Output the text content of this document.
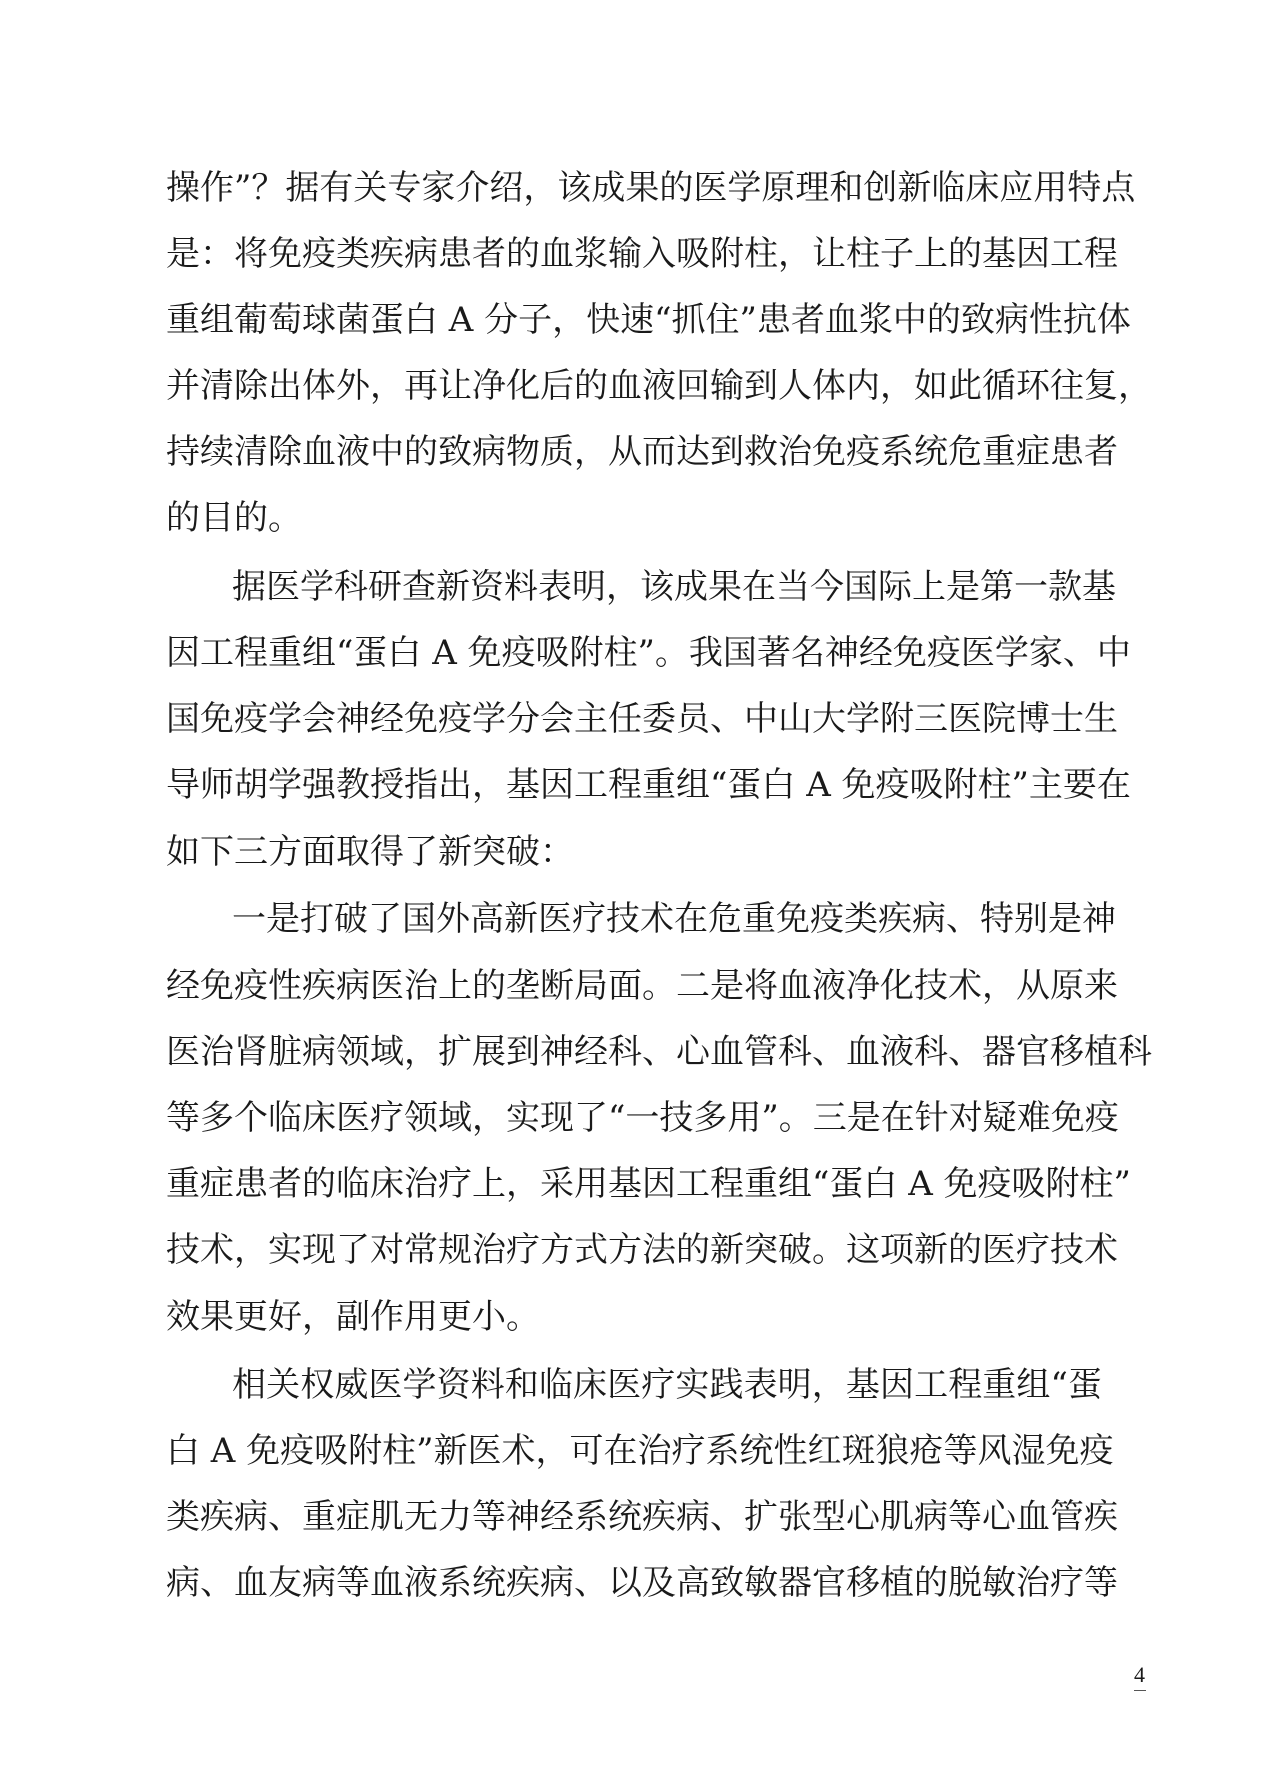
操作”？据有关专家介绍，该成果的医学原理和创新临床应用特点
是：将免疫类疾病患者的血浆输入吸附柱，让柱子上的基因工程
重组葡萄球菌蛋白 A 分子，快速“抓住”患者血浆中的致病性抗体
并清除出体外，再让净化后的血液回输到人体内，如此循环往复，
持续清除血液中的致病物质，从而达到救治免疫系统危重症患者
的目的。
据医学科研查新资料表明，该成果在当今国际上是第一款基
因工程重组“蛋白 A 免疫吸附柱”。我国著名神经免疫医学家、中
国免疫学会神经免疫学分会主任委员、中山大学附三医院博士生
导师胡学强教授指出，基因工程重组“蛋白 A 免疫吸附柱”主要在
如下三方面取得了新突破：
一是打破了国外高新医疗技术在危重免疫类疾病、特别是神
经免疫性疾病医治上的垄断局面。二是将血液净化技术，从原来
医治肾脏病领域，扩展到神经科、心血管科、血液科、器官移植科
等多个临床医疗领域，实现了“一技多用”。三是在针对疑难免疫
重症患者的临床治疗上，采用基因工程重组“蛋白 A 免疫吸附柱”
技术，实现了对常规治疗方式方法的新突破。这项新的医疗技术
效果更好，副作用更小。
相关权威医学资料和临床医疗实践表明，基因工程重组“蛋
白 A 免疫吸附柱”新医术，可在治疗系统性红斑狼疮等风湿免疫
类疾病、重症肌无力等神经系统疾病、扩张型心肌病等心血管疾
病、血友病等血液系统疾病、以及高致敏器官移植的脱敏治疗等
4
